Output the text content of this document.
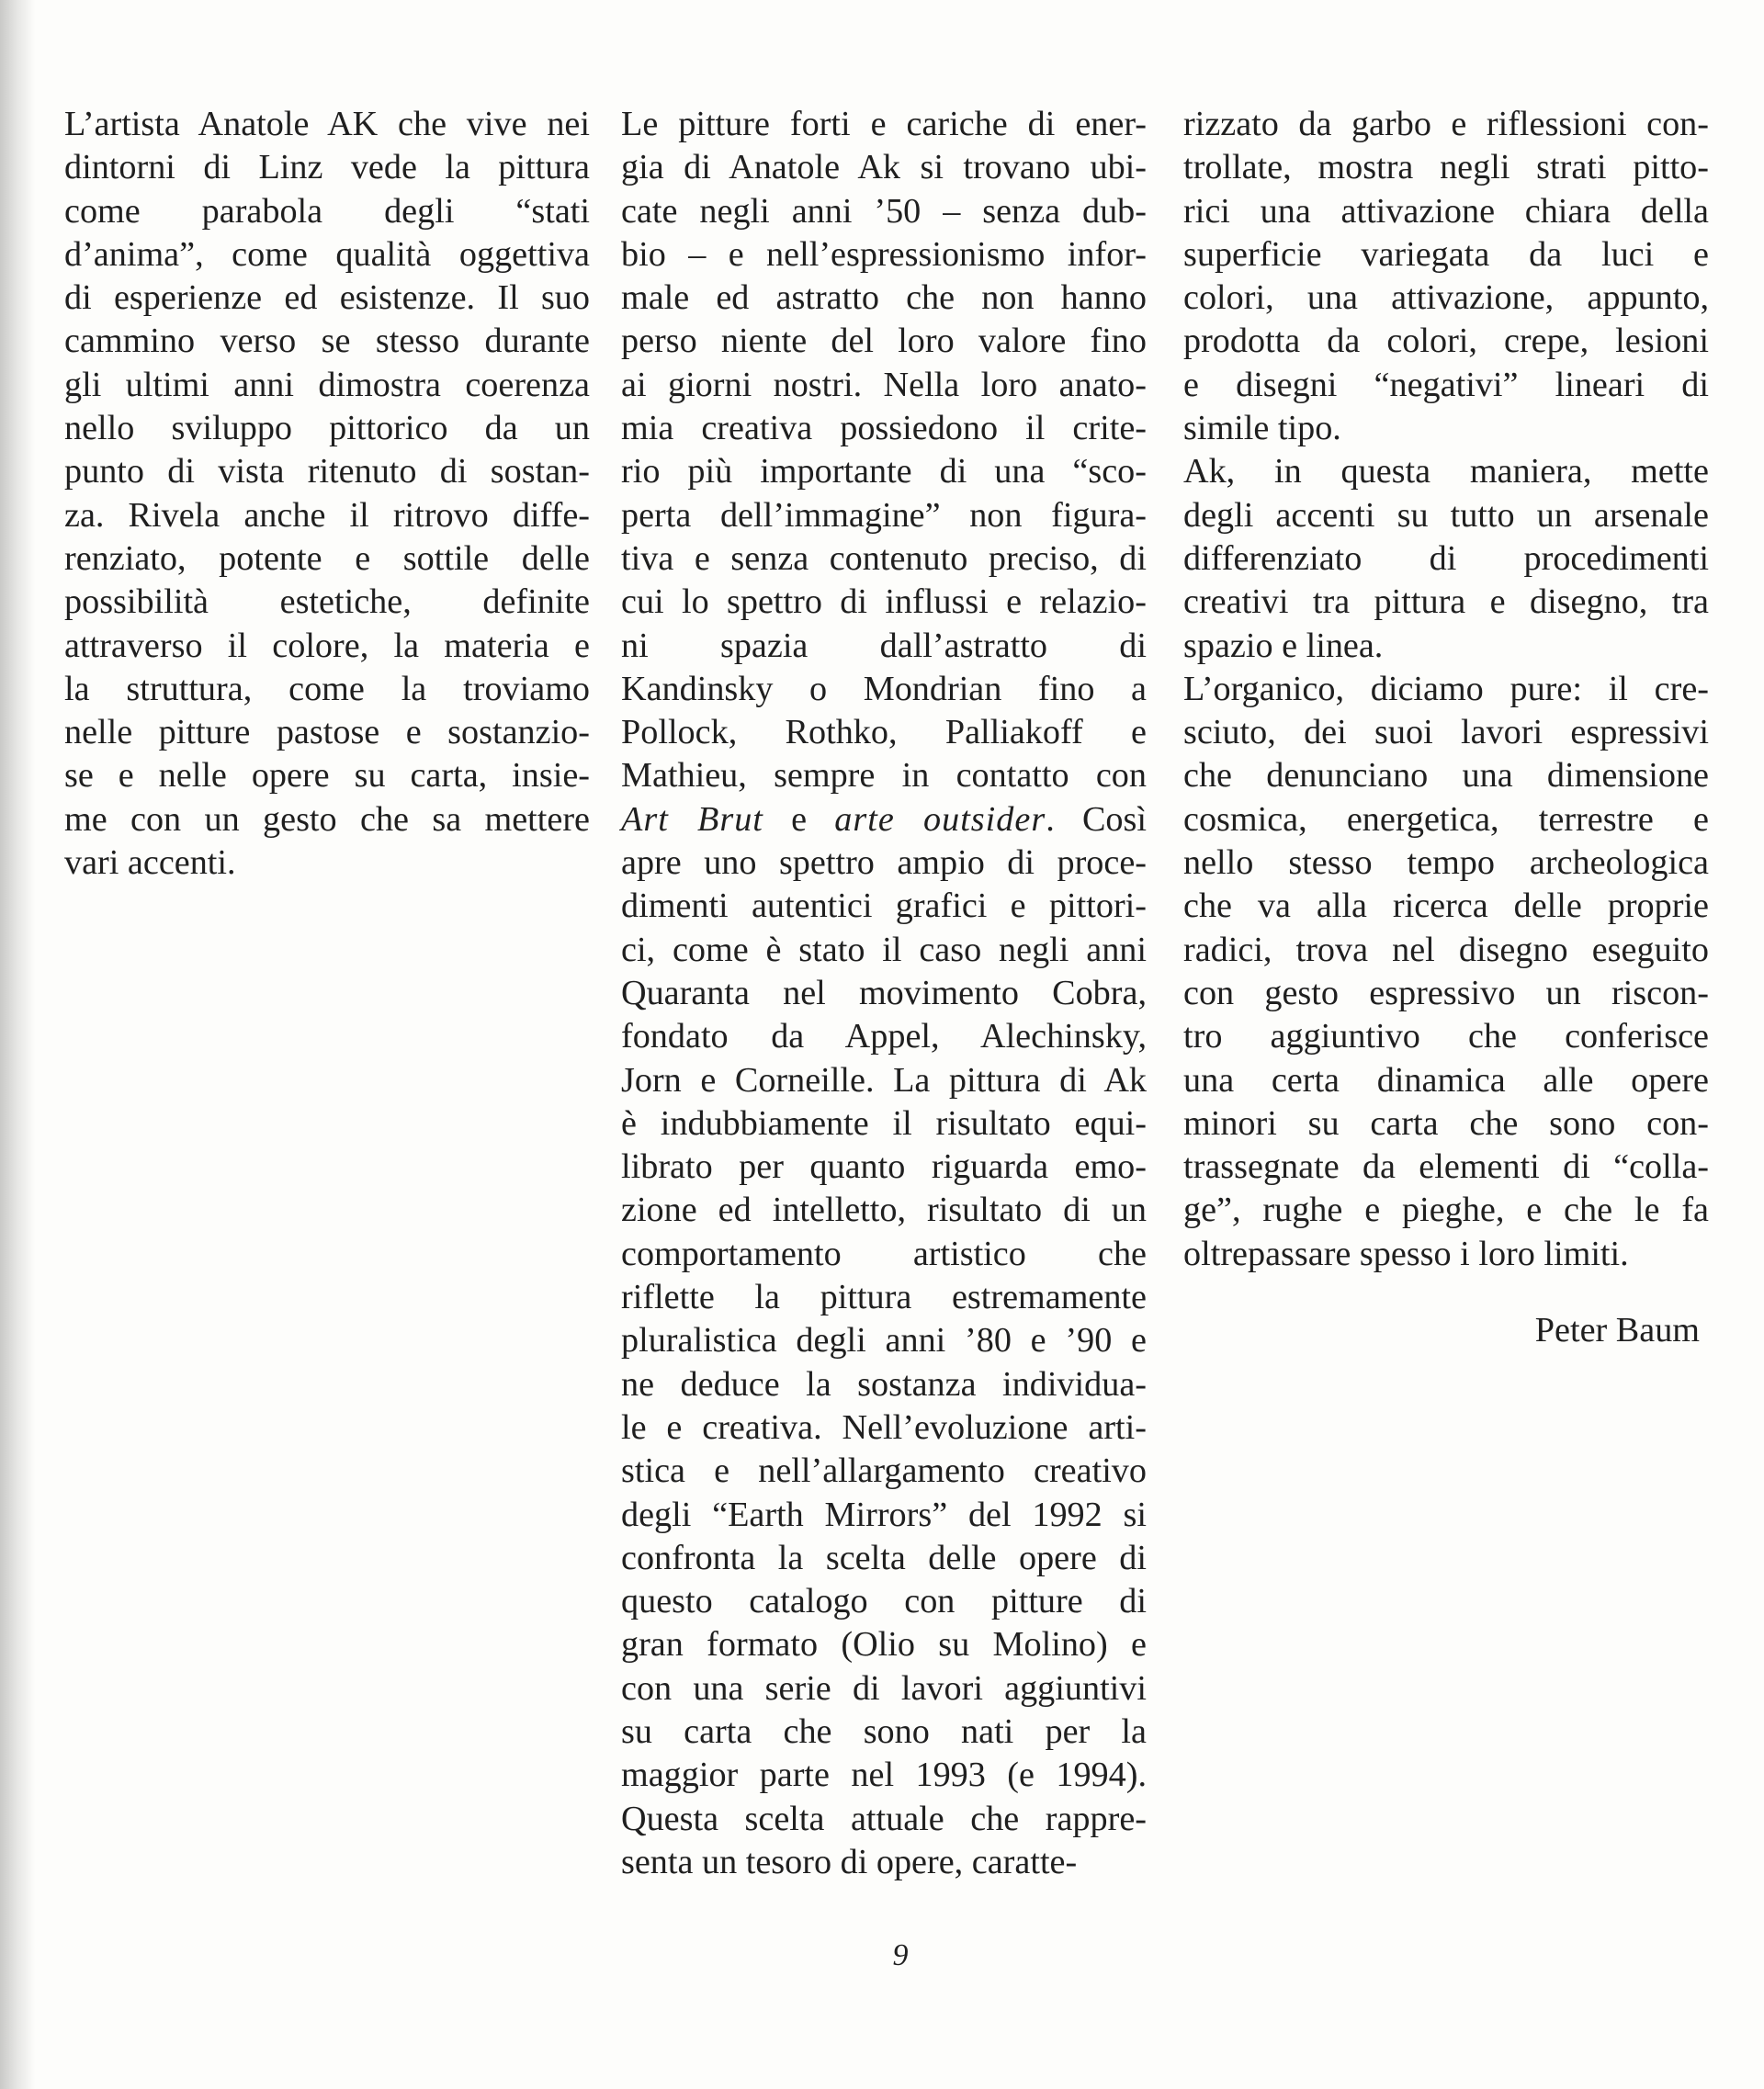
L’artista Anatole AK che vive nei
dintorni di Linz vede la pittura
come parabola degli “stati
d’anima”, come qualità oggettiva
di esperienze ed esistenze. Il suo
cammino verso se stesso durante
gli ultimi anni dimostra coerenza
nello sviluppo pittorico da un
punto di vista ritenuto di sostan-
za. Rivela anche il ritrovo diffe-
renziato, potente e sottile delle
possibilità estetiche, definite
attraverso il colore, la materia e
la struttura, come la troviamo
nelle pitture pastose e sostanzio-
se e nelle opere su carta, insie-
me con un gesto che sa mettere
vari accenti.

Le pitture forti e cariche di ener-
gia di Anatole Ak si trovano ubi-
cate negli anni ’50 – senza dub-
bio – e nell’espressionismo infor-
male ed astratto che non hanno
perso niente del loro valore fino
ai giorni nostri. Nella loro anato-
mia creativa possiedono il crite-
rio più importante di una “sco-
perta dell’immagine” non figura-
tiva e senza contenuto preciso, di
cui lo spettro di influssi e relazio-
ni spazia dall’astratto di
Kandinsky o Mondrian fino a
Pollock, Rothko, Palliakoff e
Mathieu, sempre in contatto con
Art Brut e arte outsider. Così
apre uno spettro ampio di proce-
dimenti autentici grafici e pittori-
ci, come è stato il caso negli anni
Quaranta nel movimento Cobra,
fondato da Appel, Alechinsky,
Jorn e Corneille. La pittura di Ak
è indubbiamente il risultato equi-
librato per quanto riguarda emo-
zione ed intelletto, risultato di un
comportamento artistico che
riflette la pittura estremamente
pluralistica degli anni ’80 e ’90 e
ne deduce la sostanza individua-
le e creativa. Nell’evoluzione arti-
stica e nell’allargamento creativo
degli “Earth Mirrors” del 1992 si
confronta la scelta delle opere di
questo catalogo con pitture di
gran formato (Olio su Molino) e
con una serie di lavori aggiuntivi
su carta che sono nati per la
maggior parte nel 1993 (e 1994).
Questa scelta attuale che rappre-
senta un tesoro di opere, caratte-

rizzato da garbo e riflessioni con-
trollate, mostra negli strati pitto-
rici una attivazione chiara della
superficie variegata da luci e
colori, una attivazione, appunto,
prodotta da colori, crepe, lesioni
e disegni “negativi” lineari di
simile tipo.

Ak, in questa maniera, mette
degli accenti su tutto un arsenale
differenziato di procedimenti
creativi tra pittura e disegno, tra
spazio e linea.

L’organico, diciamo pure: il cre-
sciuto, dei suoi lavori espressivi
che denunciano una dimensione
cosmica, energetica, terrestre e
nello stesso tempo archeologica
che va alla ricerca delle proprie
radici, trova nel disegno eseguito
con gesto espressivo un riscon-
tro aggiuntivo che conferisce
una certa dinamica alle opere
minori su carta che sono con-
trassegnate da elementi di “colla-
ge”, rughe e pieghe, e che le fa
oltrepassare spesso i loro limiti.

Peter Baum
9
